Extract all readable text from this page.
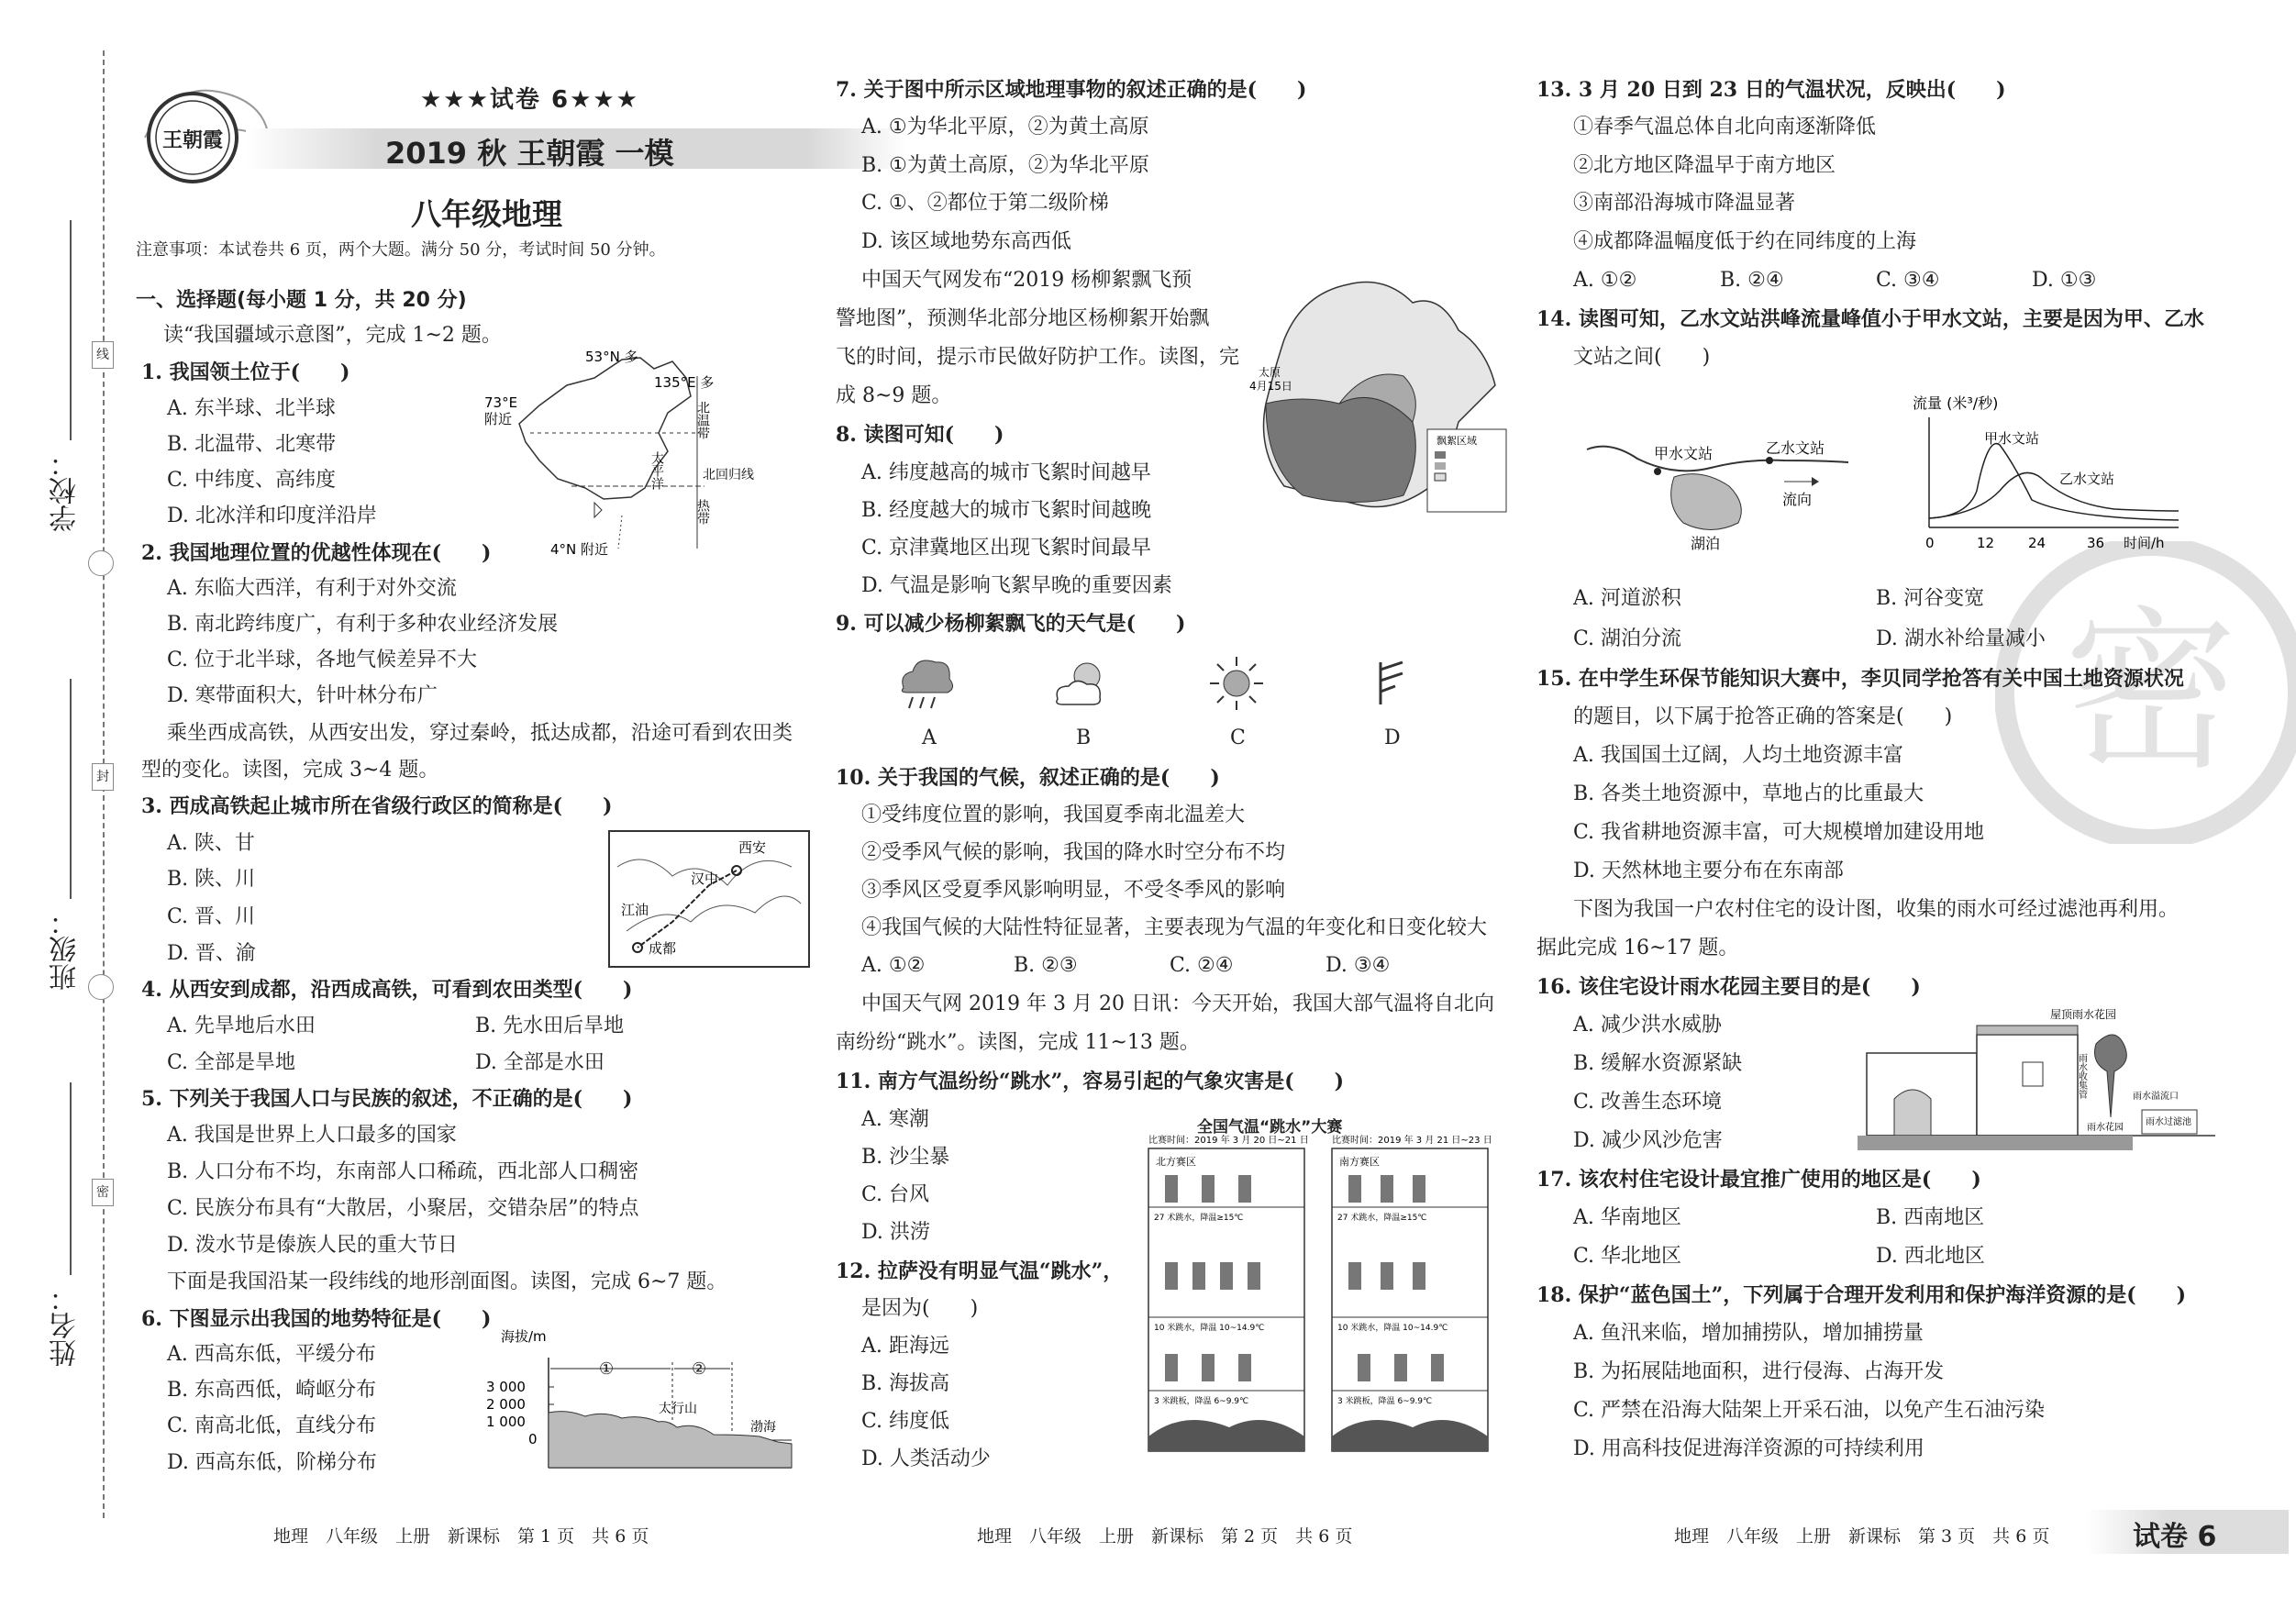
线
封
密
学校：
班级：
姓名：
王朝霞
★★★试卷 6★★★
2019 秋 王朝霞 一模
八年级地理
注意事项：本试卷共 6 页，两个大题。满分 50 分，考试时间 50 分钟。
一、选择题(每小题 1 分，共 20 分)
读“我国疆域示意图”，完成 1~2 题。
1. 我国领土位于(　　)
A. 东半球、北半球
B. 北温带、北寒带
C. 中纬度、高纬度
D. 北冰洋和印度洋沿岸
53°N 多
135°E 多
73°E
附近
4°N 附近
北回归线
北温带
热带
太平洋
2. 我国地理位置的优越性体现在(　　)
A. 东临大西洋，有利于对外交流
B. 南北跨纬度广，有利于多种农业经济发展
C. 位于北半球，各地气候差异不大
D. 寒带面积大，针叶林分布广
乘坐西成高铁，从西安出发，穿过秦岭，抵达成都，沿途可看到农田类
型的变化。读图，完成 3~4 题。
3. 西成高铁起止城市所在省级行政区的简称是(　　)
A. 陕、甘
B. 陕、川
C. 晋、川
D. 晋、渝
西安
汉中
江油
成都
4. 从西安到成都，沿西成高铁，可看到农田类型(　　)
A. 先旱地后水田	B. 先水田后旱地
C. 全部是旱地	D. 全部是水田
5. 下列关于我国人口与民族的叙述，不正确的是(　　)
A. 我国是世界上人口最多的国家
B. 人口分布不均，东南部人口稀疏，西北部人口稠密
C. 民族分布具有“大散居，小聚居，交错杂居”的特点
D. 泼水节是傣族人民的重大节日
下面是我国沿某一段纬线的地形剖面图。读图，完成 6~7 题。
6. 下图显示出我国的地势特征是(　　)
A. 西高东低，平缓分布
B. 东高西低，崎岖分布
C. 南高北低，直线分布
D. 西高东低，阶梯分布
海拔/m
3 000
2 000
1 000
0
①	②
太行山
渤海
地理　八年级　上册　新课标　第 1 页　共 6 页
7. 关于图中所示区域地理事物的叙述正确的是(　　)
A. ①为华北平原，②为黄土高原
B. ①为黄土高原，②为华北平原
C. ①、②都位于第二级阶梯
D. 该区域地势东高西低
中国天气网发布“2019 杨柳絮飘飞预
警地图”，预测华北部分地区杨柳絮开始飘
飞的时间，提示市民做好防护工作。读图，完
成 8~9 题。
太原
4月15日
飘絮区域
8. 读图可知(　　)
A. 纬度越高的城市飞絮时间越早
B. 经度越大的城市飞絮时间越晚
C. 京津冀地区出现飞絮时间最早
D. 气温是影响飞絮早晚的重要因素
9. 可以减少杨柳絮飘飞的天气是(　　)
A	B	C	D
10. 关于我国的气候，叙述正确的是(　　)
①受纬度位置的影响，我国夏季南北温差大
②受季风气候的影响，我国的降水时空分布不均
③季风区受夏季风影响明显，不受冬季风的影响
④我国气候的大陆性特征显著，主要表现为气温的年变化和日变化较大
A. ①②	B. ②③	C. ②④	D. ③④
中国天气网 2019 年 3 月 20 日讯：今天开始，我国大部气温将自北向
南纷纷“跳水”。读图，完成 11~13 题。
11. 南方气温纷纷“跳水”，容易引起的气象灾害是(　　)
A. 寒潮
B. 沙尘暴
C. 台风
D. 洪涝
12. 拉萨没有明显气温“跳水”，
是因为(　　)
A. 距海远
B. 海拔高
C. 纬度低
D. 人类活动少
全国气温“跳水”大赛
比赛时间：2019 年 3 月 20 日~21 日	比赛时间：2019 年 3 月 21 日~23 日
北方赛区	南方赛区
27 术跳水，降温≥15℃	27 术跳水，降温≥15℃
10 米跳水，降温 10~14.9℃	10 米跳水，降温 10~14.9℃
3 米跳板，降温 6~9.9℃	3 米跳板，降温 6~9.9℃
地理　八年级　上册　新课标　第 2 页　共 6 页
密
13. 3 月 20 日到 23 日的气温状况，反映出(　　)
①春季气温总体自北向南逐渐降低
②北方地区降温早于南方地区
③南部沿海城市降温显著
④成都降温幅度低于约在同纬度的上海
A. ①②	B. ②④	C. ③④	D. ①③
14. 读图可知，乙水文站洪峰流量峰值小于甲水文站，主要是因为甲、乙水
文站之间(　　)
甲水文站	乙水文站
湖泊
流向
流量 (米³/秒)
甲水文站
乙水文站
0	12 24	36 时间/h
A. 河道淤积	B. 河谷变宽
C. 湖泊分流	D. 湖水补给量减小
15. 在中学生环保节能知识大赛中，李贝同学抢答有关中国土地资源状况
的题目，以下属于抢答正确的答案是(　　)
A. 我国国土辽阔，人均土地资源丰富
B. 各类土地资源中，草地占的比重最大
C. 我省耕地资源丰富，可大规模增加建设用地
D. 天然林地主要分布在东南部
下图为我国一户农村住宅的设计图，收集的雨水可经过滤池再利用。
据此完成 16~17 题。
16. 该住宅设计雨水花园主要目的是(　　)
A. 减少洪水威胁
B. 缓解水资源紧缺
C. 改善生态环境
D. 减少风沙危害
屋顶雨水花园
雨水收集管	雨水溢流口
雨水花园
雨水过滤池
17. 该农村住宅设计最宜推广使用的地区是(　　)
A. 华南地区	B. 西南地区
C. 华北地区	D. 西北地区
18. 保护“蓝色国土”，下列属于合理开发利用和保护海洋资源的是(　　)
A. 鱼汛来临，增加捕捞队，增加捕捞量
B. 为拓展陆地面积，进行侵海、占海开发
C. 严禁在沿海大陆架上开采石油，以免产生石油污染
D. 用高科技促进海洋资源的可持续利用
地理　八年级　上册　新课标　第 3 页　共 6 页	试卷 6
